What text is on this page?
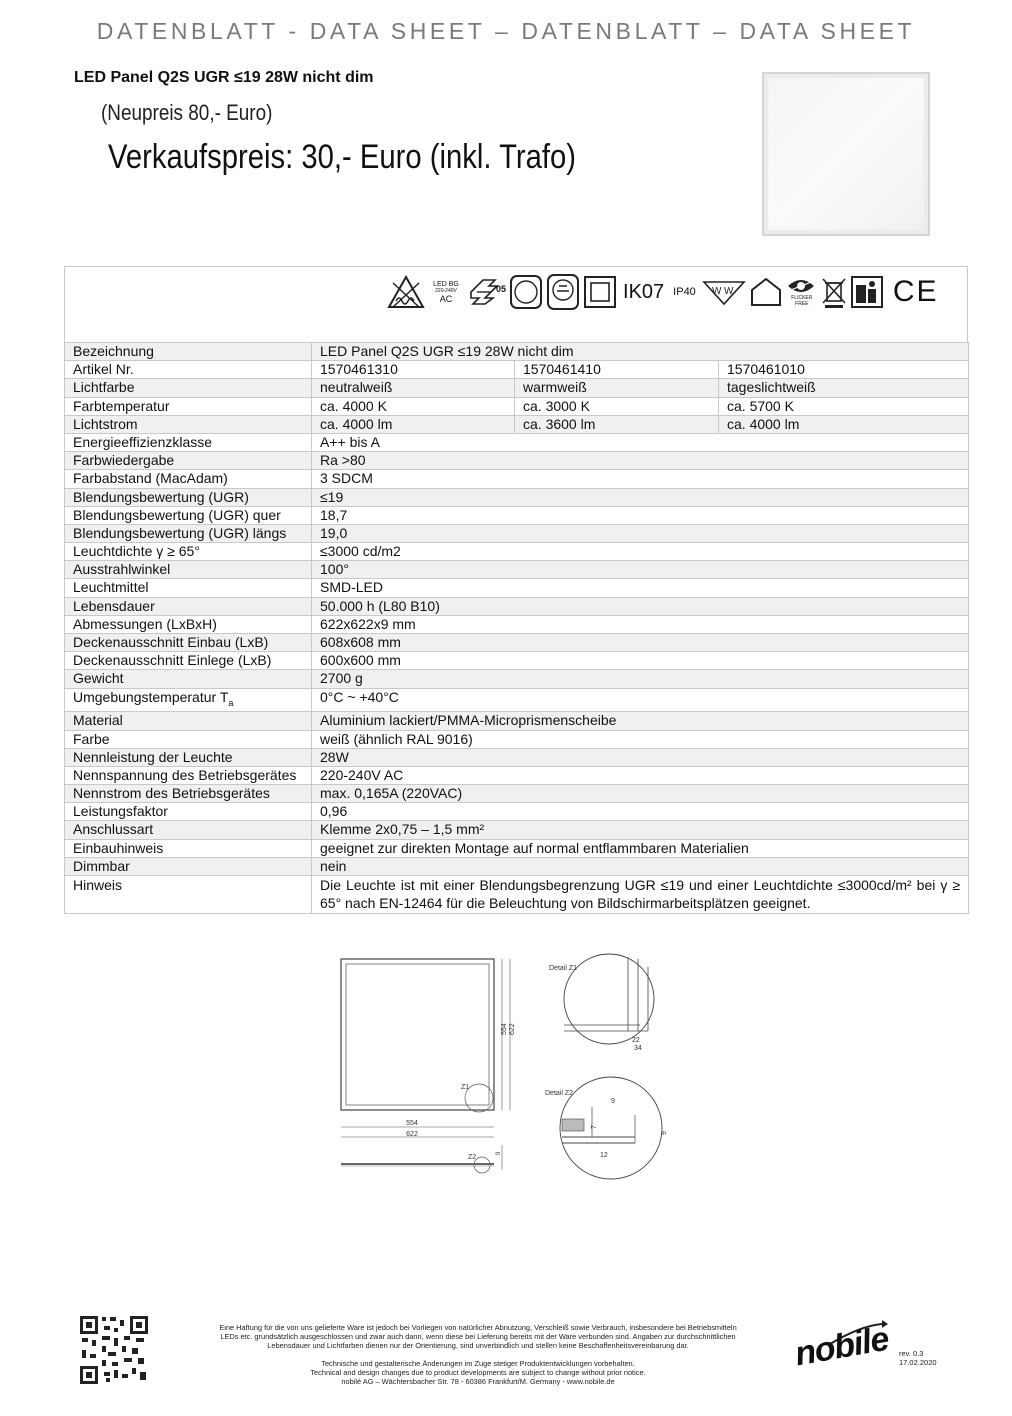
DATENBLATT - DATA SHEET – DATENBLATT – DATA SHEET
LED Panel Q2S UGR ≤19 28W nicht dim
(Neupreis 80,- Euro)
Verkaufspreis: 30,- Euro (inkl. Trafo)
LED BG
220-240V
AC
05	IK07 IP40 W W
FLICKER
FREE	CE
Bezeichnung	LED Panel Q2S UGR ≤19 28W nicht dim		
Artikel Nr.	1570461310	1570461410	1570461010
Lichtfarbe	neutralweiß	warmweiß	tageslichtweiß
Farbtemperatur	ca. 4000 K	ca. 3000 K	ca. 5700 K
Lichtstrom	ca. 4000 lm	ca. 3600 lm	ca. 4000 lm
Energieeffizienzklasse	A++ bis A		
Farbwiedergabe	Ra >80		
Farbabstand (MacAdam)	3 SDCM		
Blendungsbewertung (UGR)	≤19		
Blendungsbewertung (UGR) quer	18,7		
Blendungsbewertung (UGR) längs	19,0		
Leuchtdichte γ ≥ 65°	≤3000 cd/m2		
Ausstrahlwinkel	100°		
Leuchtmittel	SMD-LED		
Lebensdauer	50.000 h (L80 B10)		
Abmessungen (LxBxH)	622x622x9 mm		
Deckenausschnitt Einbau (LxB)	608x608 mm		
Deckenausschnitt Einlege (LxB)	600x600 mm		
Gewicht	2700 g		
Umgebungstemperatur $T_a$	0°C ~ +40°C		
Material	Aluminium lackiert/PMMA-Microprismenscheibe		
Farbe	weiß (ähnlich RAL 9016)		
Nennleistung der Leuchte	28W		
Nennspannung des Betriebsgerätes	220-240V AC		
Nennstrom des Betriebsgerätes	max. 0,165A (220VAC)		
Leistungsfaktor	0,96		
Anschlussart	Klemme 2x0,75 – 1,5 mm²		
Einbauhinweis	geeignet zur direkten Montage auf normal entflammbaren Materialien		
Dimmbar	nein		
Hinweis	Die Leuchte ist mit einer Blendungsbegrenzung UGR ≤19 und einer Leuchtdichte ≤3000cd/m² bei γ ≥ 65° nach EN-12464 für die Beleuchtung von Bildschirmarbeitsplätzen geeignet.		
Z1
554
622
554 622
Z2
9
Detail Z1
22
34
Detail Z2
9
7
9
12

Eine Haftung für die von uns gelieferte Ware ist jedoch bei Vorliegen von natürlicher Abnutzung, Verschleiß sowie Verbrauch, insbesondere bei Betriebsmitteln

LEDs etc. grundsätzlich ausgeschlossen und zwar auch dann, wenn diese bei Lieferung bereits mit der Ware verbunden sind. Angaben zur durchschnittlichen

Lebensdauer und Lichtfarben dienen nur der Orientierung, sind unverbindlich und stellen keine Beschaffenheitsvereinbarung dar.

Technische und gestalterische Änderungen im Zuge stetiger Produktentwicklungen vorbehalten.

Technical and design changes due to product developments are subject to change without prior notice.

nobilé AG – Wächtersbacher Str. 78 - 60386 Frankfurt/M. Germany - www.nobile.de

nobile rev. 0.3
17.02.2020
